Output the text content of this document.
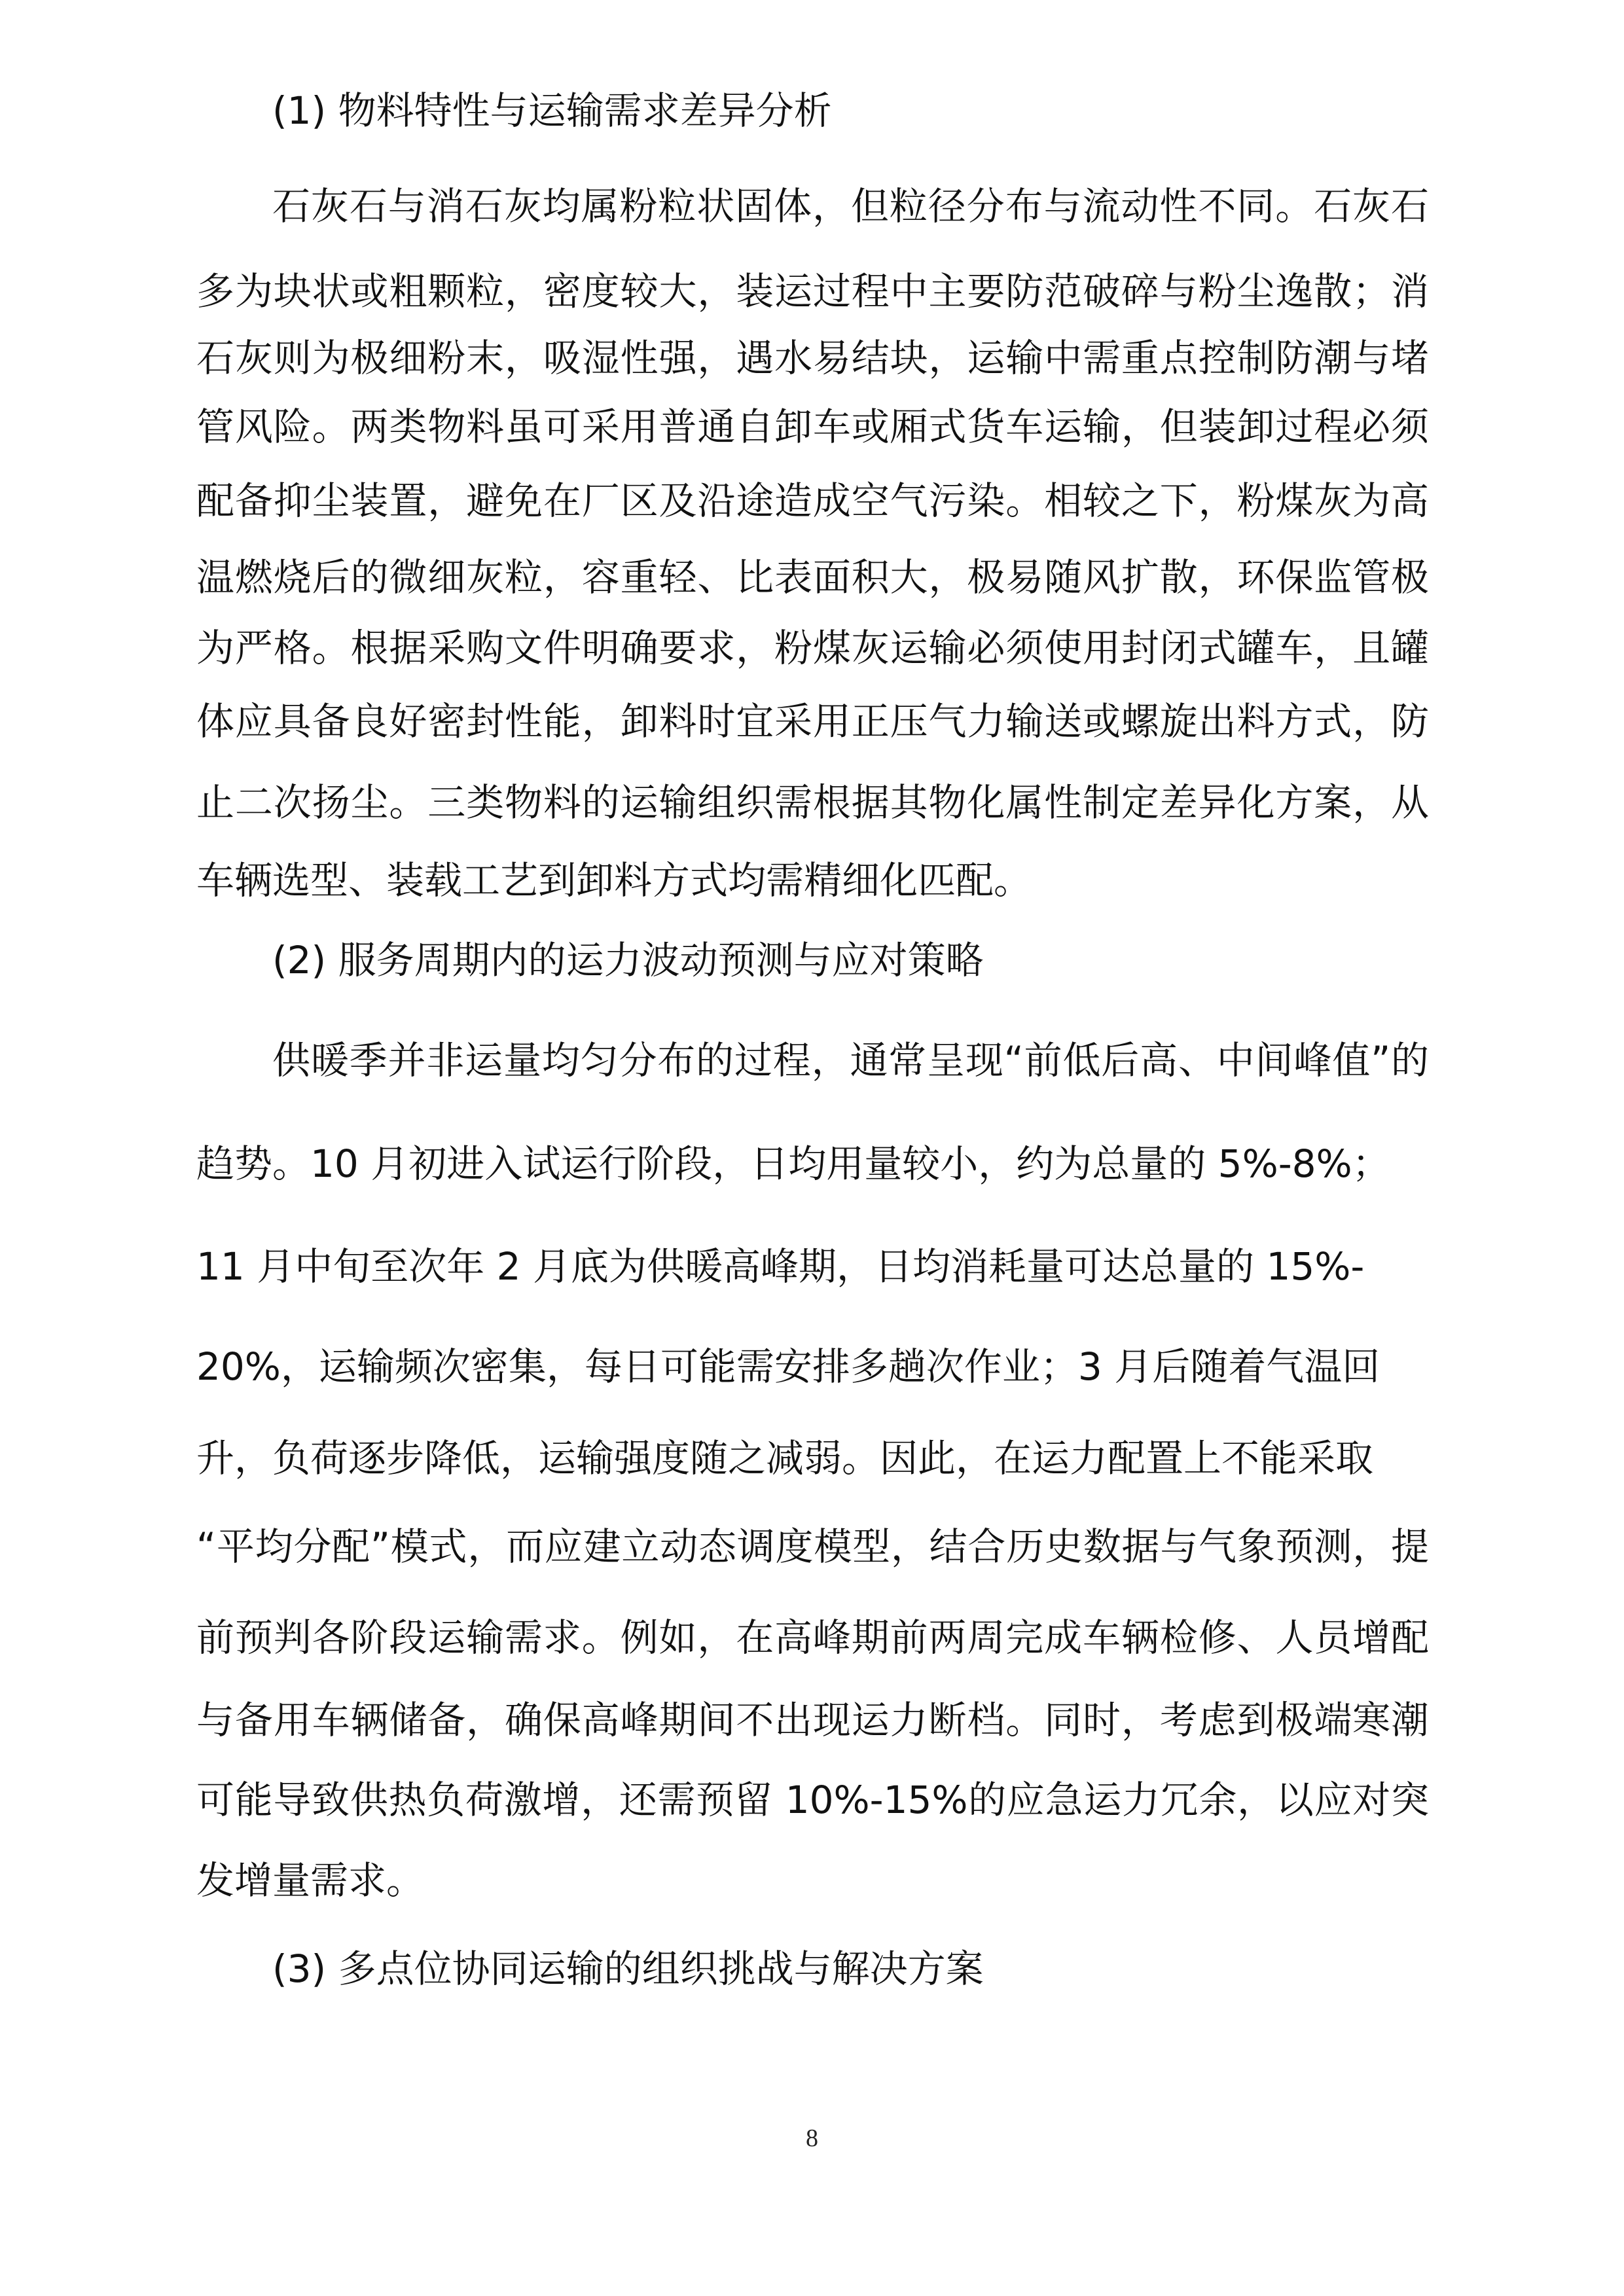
(1) 物料特性与运输需求差异分析
石灰石与消石灰均属粉粒状固体，但粒径分布与流动性不同。石灰石
多为块状或粗颗粒，密度较大，装运过程中主要防范破碎与粉尘逸散；消
石灰则为极细粉末，吸湿性强，遇水易结块，运输中需重点控制防潮与堵
管风险。两类物料虽可采用普通自卸车或厢式货车运输，但装卸过程必须
配备抑尘装置，避免在厂区及沿途造成空气污染。相较之下，粉煤灰为高
温燃烧后的微细灰粒，容重轻、比表面积大，极易随风扩散，环保监管极
为严格。根据采购文件明确要求，粉煤灰运输必须使用封闭式罐车，且罐
体应具备良好密封性能，卸料时宜采用正压气力输送或螺旋出料方式，防
止二次扬尘。三类物料的运输组织需根据其物化属性制定差异化方案，从
车辆选型、装载工艺到卸料方式均需精细化匹配。
(2) 服务周期内的运力波动预测与应对策略
供暖季并非运量均匀分布的过程，通常呈现“前低后高、中间峰值”的
趋势。10 月初进入试运行阶段，日均用量较小，约为总量的 5%-8%；
11 月中旬至次年 2 月底为供暖高峰期，日均消耗量可达总量的 15%-
20%，运输频次密集，每日可能需安排多趟次作业；3 月后随着气温回
升，负荷逐步降低，运输强度随之减弱。因此，在运力配置上不能采取
“平均分配”模式，而应建立动态调度模型，结合历史数据与气象预测，提
前预判各阶段运输需求。例如，在高峰期前两周完成车辆检修、人员增配
与备用车辆储备，确保高峰期间不出现运力断档。同时，考虑到极端寒潮
可能导致供热负荷激增，还需预留 10%-15%的应急运力冗余，以应对突
发增量需求。
(3) 多点位协同运输的组织挑战与解决方案
8
